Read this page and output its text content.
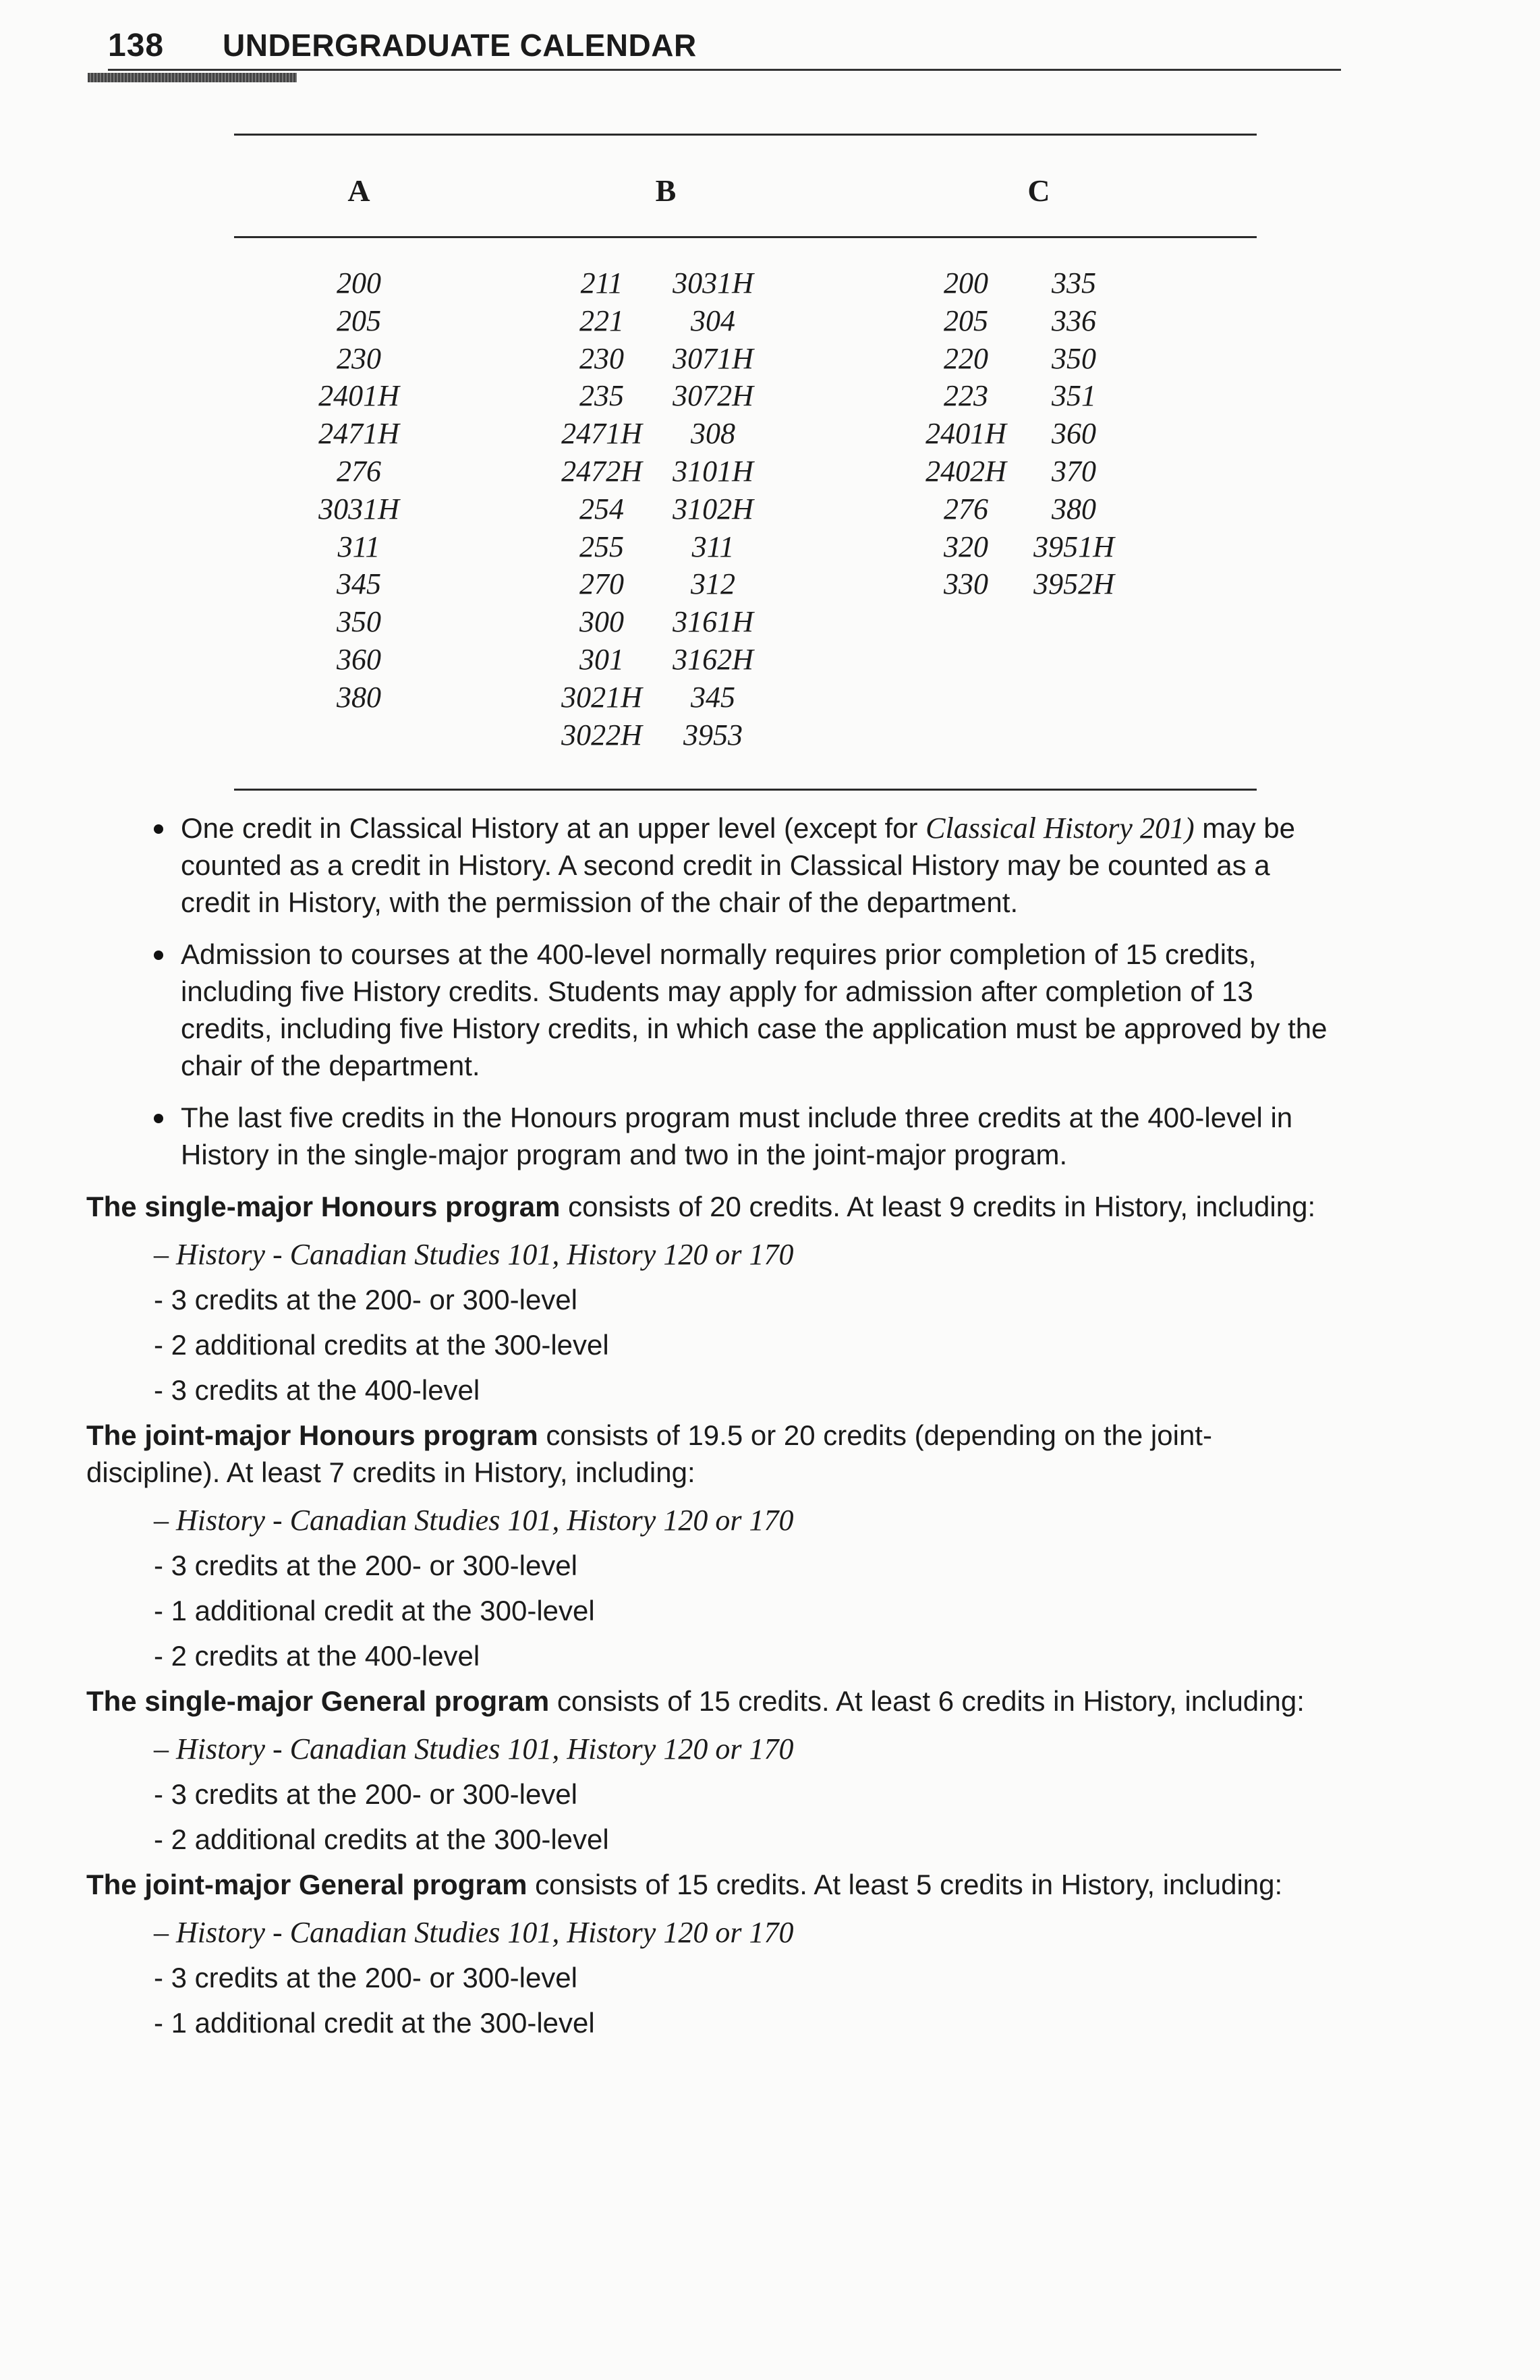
138 UNDERGRADUATE CALENDAR
A	B	C
200
205
230
2401H
2471H
276
3031H
311
345
350
360
380
211
221
230
235
2471H
2472H
254
255
270
300
301
3021H
3022H
3031H
304
3071H
3072H
308
3101H
3102H
311
312
3161H
3162H
345
3953
200
205
220
223
2401H
2402H
276
320
330
335
336
350
351
360
370
380
3951H
3952H
One credit in Classical History at an upper level (except for Classical History 201) may be counted as a credit in History. A second credit in Classical History may be counted as a credit in History, with the permission of the chair of the department.
Admission to courses at the 400-level normally requires prior completion of 15 credits, including five History credits. Students may apply for admission after completion of 13 credits, including five History credits, in which case the application must be approved by the chair of the department.
The last five credits in the Honours program must include three credits at the 400-level in History in the single-major program and two in the joint-major program.
The single-major Honours program consists of 20 credits. At least 9 credits in History, including:
– History - Canadian Studies 101, History 120 or 170
- 3 credits at the 200- or 300-level
- 2 additional credits at the 300-level
- 3 credits at the 400-level
The joint-major Honours program consists of 19.5 or 20 credits (depending on the joint-discipline). At least 7 credits in History, including:
– History - Canadian Studies 101, History 120 or 170
- 3 credits at the 200- or 300-level
- 1 additional credit at the 300-level
- 2 credits at the 400-level
The single-major General program consists of 15 credits. At least 6 credits in History, including:
– History - Canadian Studies 101, History 120 or 170
- 3 credits at the 200- or 300-level
- 2 additional credits at the 300-level
The joint-major General program consists of 15 credits. At least 5 credits in History, including:
– History - Canadian Studies 101, History 120 or 170
- 3 credits at the 200- or 300-level
- 1 additional credit at the 300-level
